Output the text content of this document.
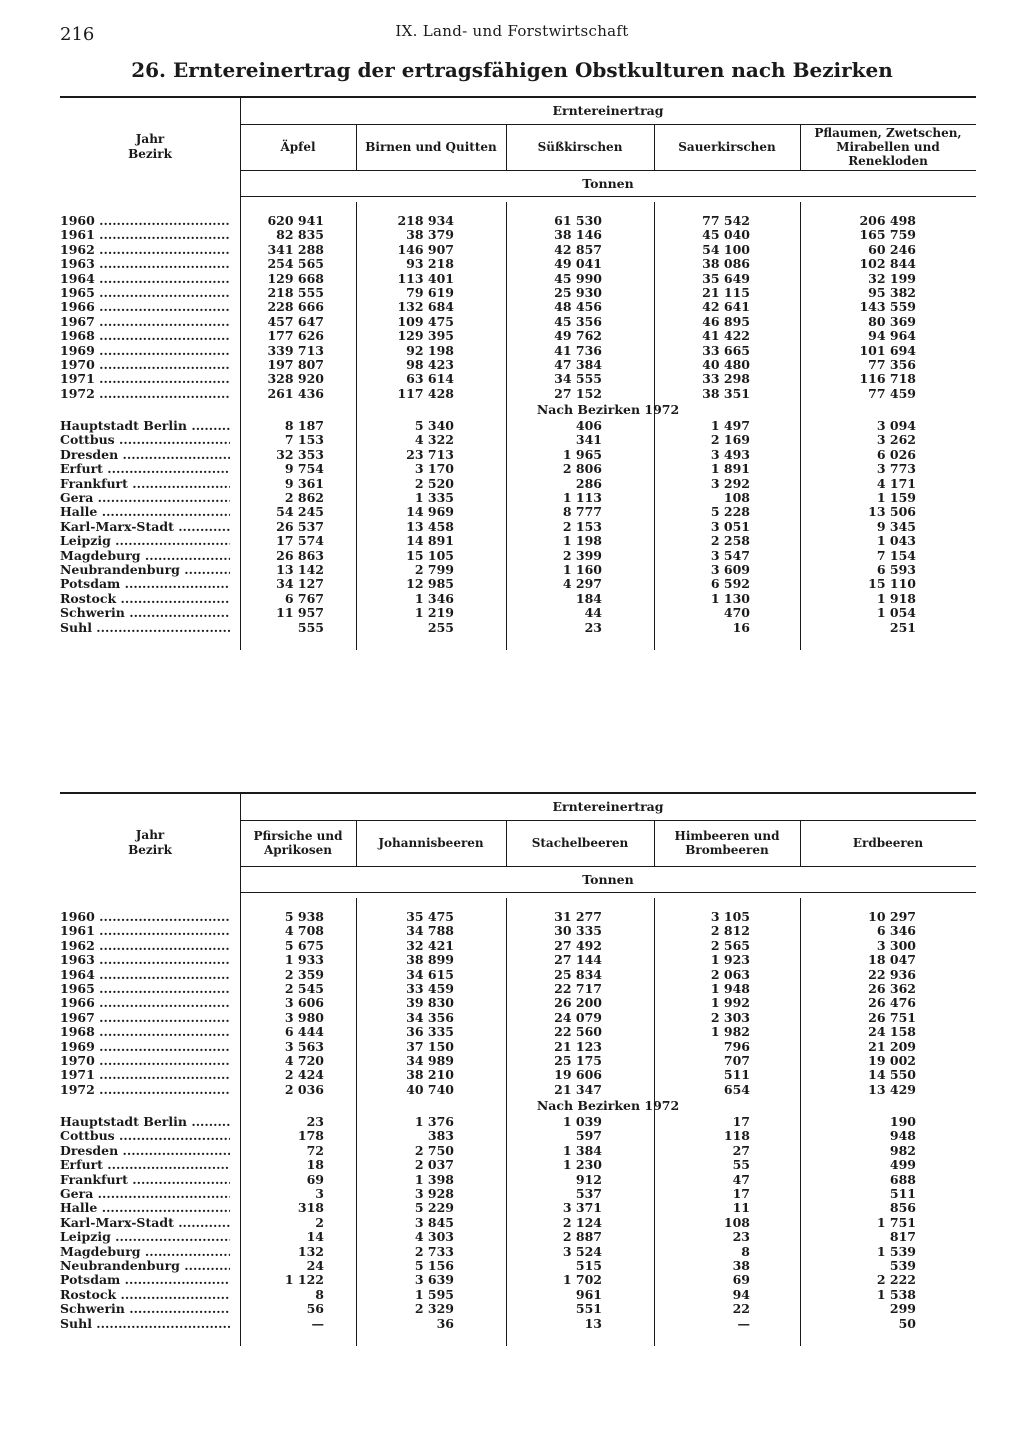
216	IX. Land- und Forstwirtschaft
26. Erntereinertrag der ertragsfähigen Obstkulturen nach Bezirken
Erntereinertrag
Jahr
Bezirk	Äpfel	Birnen und Quitten	Süßkirschen	Sauerkirschen
Pflaumen, Zwetschen, Mirabellen und Renekloden
Tonnen
1960 .....	620 941	218 934	61 530	77 542	206 498
1961 .....	82 835	38 379	38 146	45 040	165 759
1962 .....	341 288	146 907	42 857	54 100	60 246
1963 .....	254 565	93 218	49 041	38 086	102 844
1964 .....	129 668	113 401	45 990	35 649	32 199
1965 .....	218 555	79 619	25 930	21 115	95 382
1966 .....	228 666	132 684	48 456	42 641	143 559
1967 .....	457 647	109 475	45 356	46 895	80 369
1968 .....	177 626	129 395	49 762	41 422	94 964
1969 .....	339 713	92 198	41 736	33 665	101 694
1970 .....	197 807	98 423	47 384	40 480	77 356
1971 .....	328 920	63 614	34 555	33 298	116 718
1972 .....	261 436	117 428	27 152	38 351	77 459
Nach Bezirken 1972
Hauptstadt Berlin .....	8 187	5 340	406	1 497	3 094
Cottbus .....	7 153	4 322	341	2 169	3 262
Dresden .....	32 353	23 713	1 965	3 493	6 026
Erfurt .....	9 754	3 170	2 806	1 891	3 773
Frankfurt .....	9 361	2 520	286	3 292	4 171
Gera .....	2 862	1 335	1 113	108	1 159
Halle .....	54 245	14 969	8 777	5 228	13 506
Karl-Marx-Stadt .....	26 537	13 458	2 153	3 051	9 345
Leipzig .....	17 574	14 891	1 198	2 258	1 043
Magdeburg .....	26 863	15 105	2 399	3 547	7 154
Neubrandenburg .....	13 142	2 799	1 160	3 609	6 593
Potsdam .....	34 127	12 985	4 297	6 592	15 110
Rostock .....	6 767	1 346	184	1 130	1 918
Schwerin .....	11 957	1 219	44	470	1 054
Suhl .....	555	255	23	16	251
Erntereinertrag
Jahr
Bezirk
Pfirsiche und Aprikosen	Johannisbeeren	Stachelbeeren	Himbeeren und Brombeeren	Erdbeeren
Tonnen
1960 .....	5 938	35 475	31 277	3 105	10 297
1961 .....	4 708	34 788	30 335	2 812	6 346
1962 .....	5 675	32 421	27 492	2 565	3 300
1963 .....	1 933	38 899	27 144	1 923	18 047
1964 .....	2 359	34 615	25 834	2 063	22 936
1965 .....	2 545	33 459	22 717	1 948	26 362
1966 .....	3 606	39 830	26 200	1 992	26 476
1967 .....	3 980	34 356	24 079	2 303	26 751
1968 .....	6 444	36 335	22 560	1 982	24 158
1969 .....	3 563	37 150	21 123	796	21 209
1970 .....	4 720	34 989	25 175	707	19 002
1971 .....	2 424	38 210	19 606	511	14 550
1972 .....	2 036	40 740	21 347	654	13 429
Nach Bezirken 1972
Hauptstadt Berlin .....	23	1 376	1 039	17	190
Cottbus .....	178	383	597	118	948
Dresden .....	72	2 750	1 384	27	982
Erfurt .....	18	2 037	1 230	55	499
Frankfurt .....	69	1 398	912	47	688
Gera .....	3	3 928	537	17	511
Halle .....	318	5 229	3 371	11	856
Karl-Marx-Stadt .....	2	3 845	2 124	108	1 751
Leipzig .....	14	4 303	2 887	23	817
Magdeburg .....	132	2 733	3 524	8	1 539
Neubrandenburg .....	24	5 156	515	38	539
Potsdam .....	1 122	3 639	1 702	69	2 222
Rostock .....	8	1 595	961	94	1 538
Schwerin .....	56	2 329	551	22	299
Suhl .....	—	36	13	—	50
